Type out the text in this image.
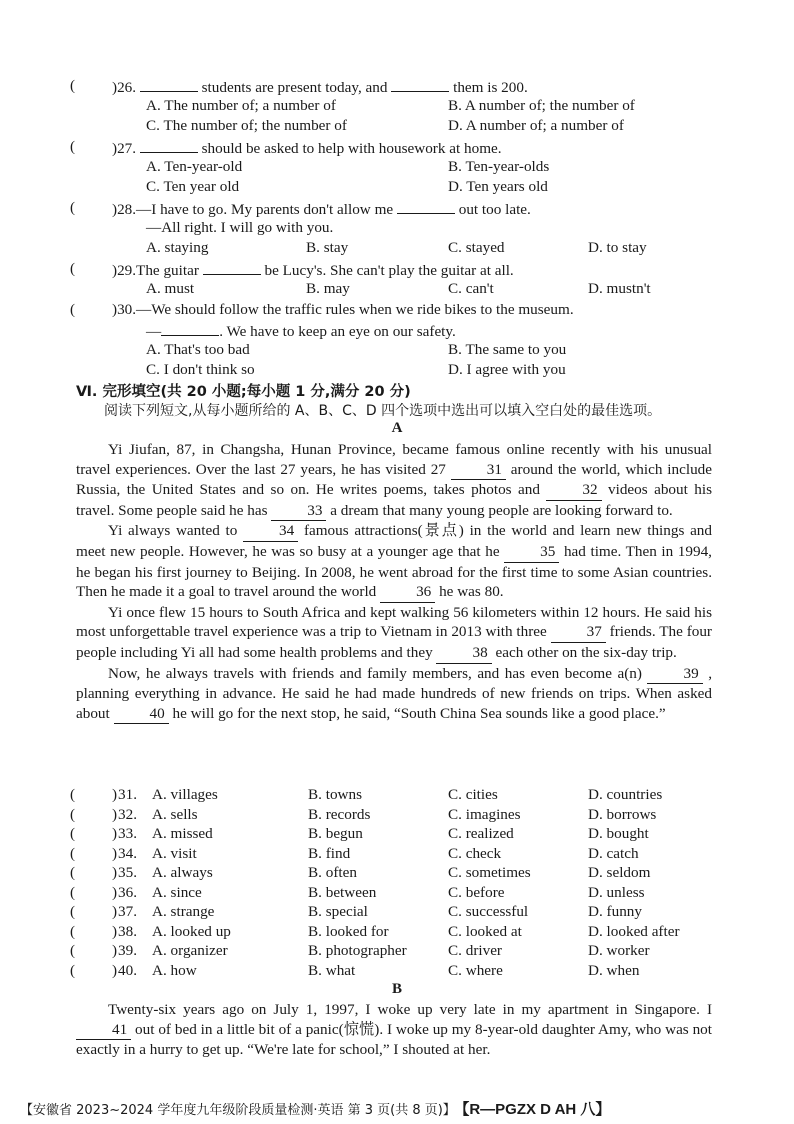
( )26.	students are present today, and	them is 200.
A. The number of; a number of	B. A number of; the number of
C. The number of; the number of	D. A number of; a number of
( )27.	should be asked to help with housework at home.
A. Ten-year-old	B. Ten-year-olds
C. Ten year old	D. Ten years old
( )28.—I have to go. My parents don't allow me	out too late.
—All right. I will go with you.
A. staying	B. stay	C. stayed	D. to stay
( )29.The guitar	be Lucy's. She can't play the guitar at all.
A. must	B. may	C. can't	D. mustn't
( )30.—We should follow the traffic rules when we ride bikes to the museum.
—	. We have to keep an eye on our safety.
A. That's too bad	B. The same to you
C. I don't think so	D. I agree with you
Ⅵ. 完形填空(共 20 小题;每小题 1 分,满分 20 分)
阅读下列短文,从每小题所给的 A、B、C、D 四个选项中选出可以填入空白处的最佳选项。
A

Yi Jiufan, 87, in Changsha, Hunan Province, became famous online recently with his unusual travel experiences. Over the last 27 years, he has visited 27 31 around the world, which include Russia, the United States and so on. He writes poems, takes photos and 32 videos about his travel. Some people said he has 33 a dream that many young people are looking forward to.

Yi always wanted to 34 famous attractions(景点) in the world and learn new things and meet new people. However, he was so busy at a younger age that he 35 had time. Then in 1994, he began his first journey to Beijing. In 2008, he went abroad for the first time to some Asian countries. Then he made it a goal to travel around the world 36 he was 80.

Yi once flew 15 hours to South Africa and kept walking 56 kilometers within 12 hours. He said his most unforgettable travel experience was a trip to Vietnam in 2013 with three 37 friends. The four people including Yi all had some health problems and they 38 each other on the six-day trip.

Now, he always travels with friends and family members, and has even become a(n) 39 , planning everything in advance. He said he had made hundreds of new friends on trips. When asked about 40 he will go for the next stop, he said, “South China Sea sounds like a good place.”

( ) 31. A. villages	B. towns	C. cities	D. countries
( ) 32. A. sells	B. records	C. imagines	D. borrows
( ) 33. A. missed	B. begun	C. realized	D. bought
( ) 34. A. visit	B. find	C. check	D. catch
( ) 35. A. always	B. often	C. sometimes	D. seldom
( ) 36. A. since	B. between	C. before	D. unless
( ) 37. A. strange	B. special	C. successful	D. funny
( ) 38. A. looked up	B. looked for	C. looked at	D. looked after
( ) 39. A. organizer	B. photographer	C. driver	D. worker
( ) 40. A. how	B. what	C. where	D. when
B

Twenty-six years ago on July 1, 1997, I woke up very late in my apartment in Singapore. I 41 out of bed in a little bit of a panic(惊慌). I woke up my 8-year-old daughter Amy, who was not exactly in a hurry to get up. “We're late for school,” I shouted at her.

【安徽省 2023~2024 学年度九年级阶段质量检测·英语 第 3 页(共 8 页)】 【R—PGZX D AH 八】
